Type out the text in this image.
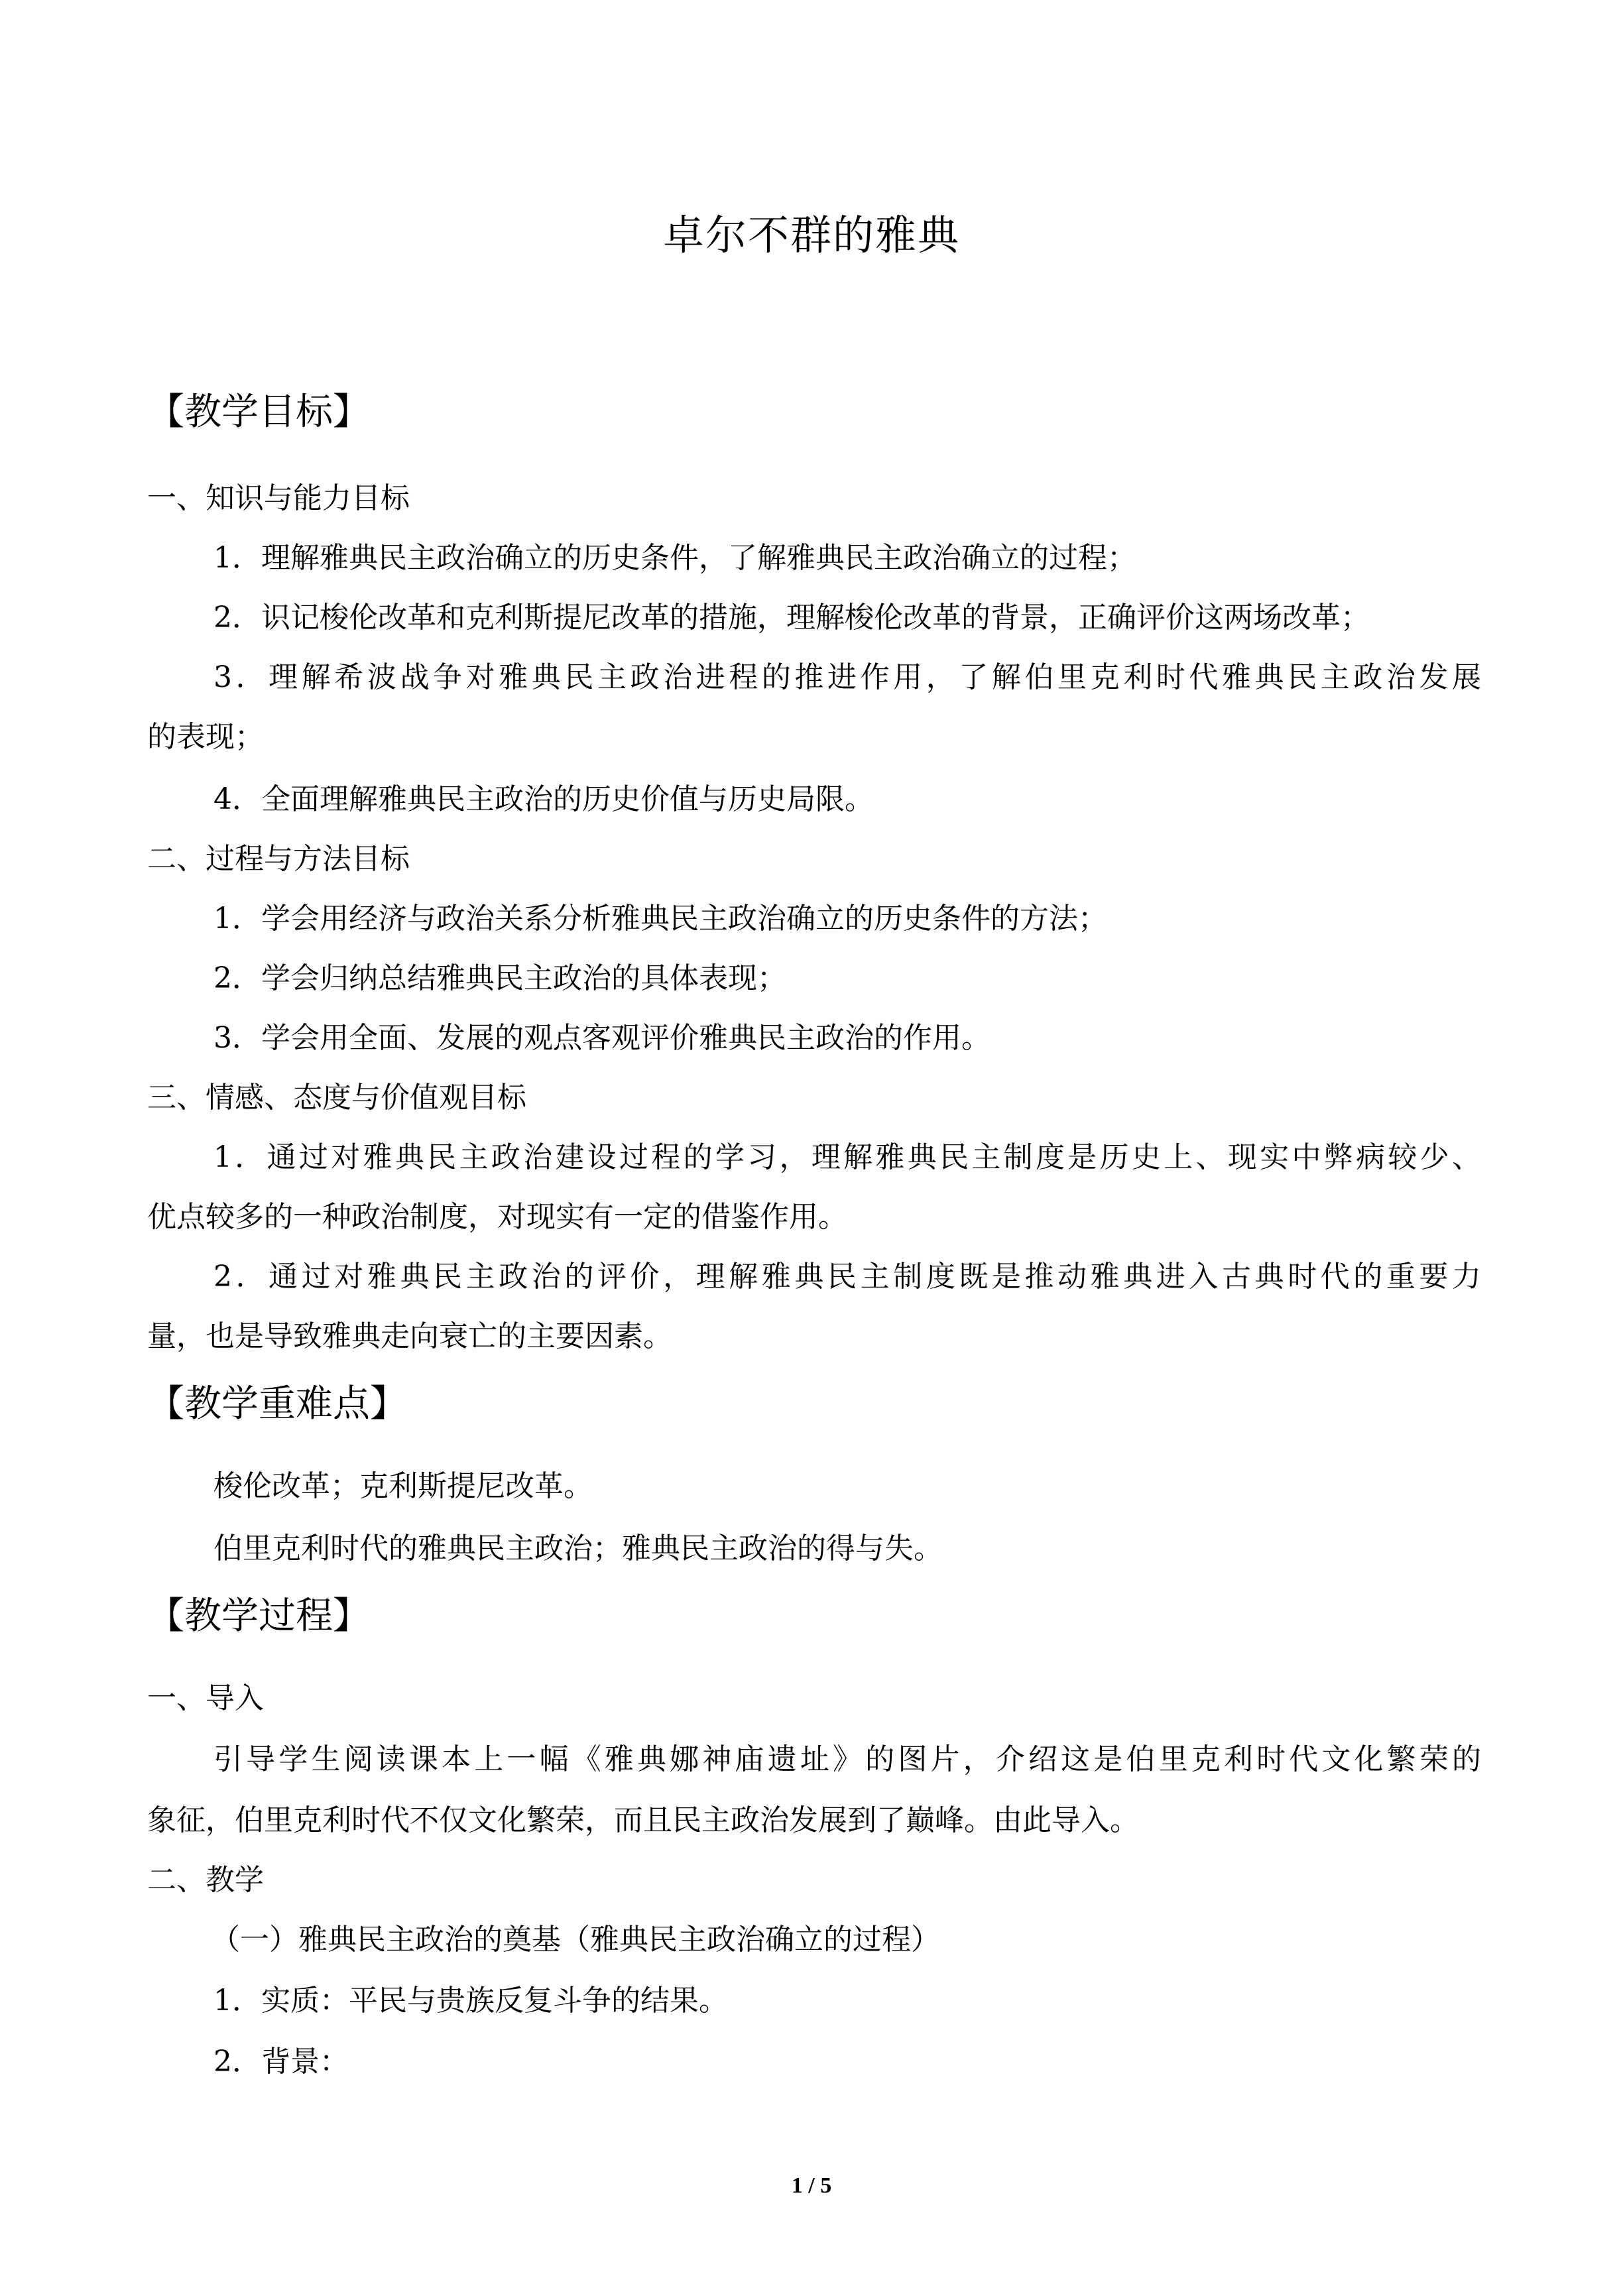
卓尔不群的雅典
【教学目标】
一、知识与能力目标
1．理解雅典民主政治确立的历史条件，了解雅典民主政治确立的过程；
2．识记梭伦改革和克利斯提尼改革的措施，理解梭伦改革的背景，正确评价这两场改革；
3．理解希波战争对雅典民主政治进程的推进作用，了解伯里克利时代雅典民主政治发展
的表现；
4．全面理解雅典民主政治的历史价值与历史局限。
二、过程与方法目标
1．学会用经济与政治关系分析雅典民主政治确立的历史条件的方法；
2．学会归纳总结雅典民主政治的具体表现；
3．学会用全面、发展的观点客观评价雅典民主政治的作用。
三、情感、态度与价值观目标
1．通过对雅典民主政治建设过程的学习，理解雅典民主制度是历史上、现实中弊病较少、
优点较多的一种政治制度，对现实有一定的借鉴作用。
2．通过对雅典民主政治的评价，理解雅典民主制度既是推动雅典进入古典时代的重要力
量，也是导致雅典走向衰亡的主要因素。
【教学重难点】
梭伦改革；克利斯提尼改革。
伯里克利时代的雅典民主政治；雅典民主政治的得与失。
【教学过程】
一、导入
引导学生阅读课本上一幅《雅典娜神庙遗址》的图片，介绍这是伯里克利时代文化繁荣的
象征，伯里克利时代不仅文化繁荣，而且民主政治发展到了巅峰。由此导入。
二、教学
（一）雅典民主政治的奠基（雅典民主政治确立的过程）
1．实质：平民与贵族反复斗争的结果。
2．背景：
1 / 5
